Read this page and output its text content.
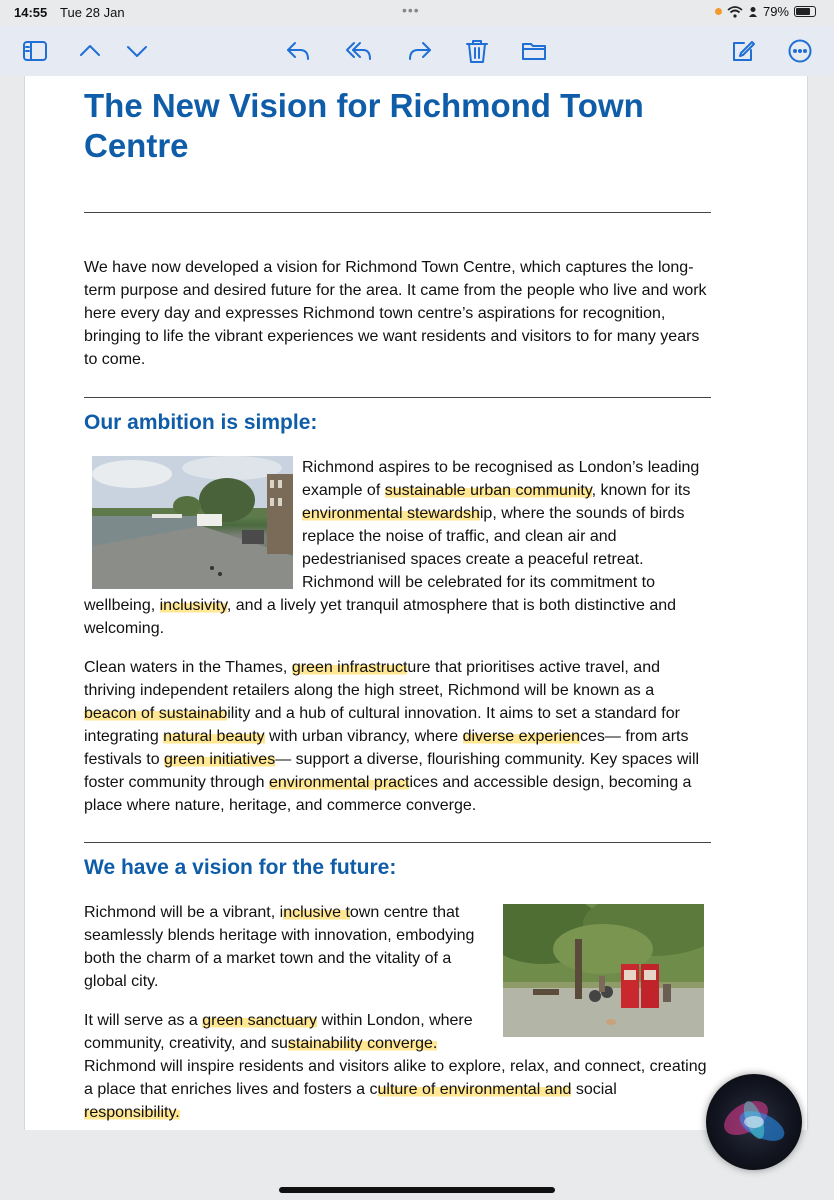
14:55 Tue 28 Jan	•••	79%
The New Vision for Richmond Town Centre

We have now developed a vision for Richmond Town Centre, which captures the long-term purpose and desired future for the area. It came from the people who live and work here every day and expresses Richmond town centre’s aspirations for recognition, bringing to life the vibrant experiences we want residents and visitors to for many years to come.

Our ambition is simple:

Richmond aspires to be recognised as London’s leading example of sustainable urban community, known for its environmental stewardship, where the sounds of birds replace the noise of traffic, and clean air and pedestrianised spaces create a peaceful retreat. Richmond will be celebrated for its commitment to wellbeing, inclusivity, and a lively yet tranquil atmosphere that is both distinctive and welcoming.

Clean waters in the Thames, green infrastructure that prioritises active travel, and thriving independent retailers along the high street, Richmond will be known as a beacon of sustainability and a hub of cultural innovation. It aims to set a standard for integrating natural beauty with urban vibrancy, where diverse experiences— from arts festivals to green initiatives— support a diverse, flourishing community. Key spaces will foster community through environmental practices and accessible design, becoming a place where nature, heritage, and commerce converge.

We have a vision for the future:

Richmond will be a vibrant, inclusive town centre that seamlessly blends heritage with innovation, embodying both the charm of a market town and the vitality of a global city.

It will serve as a green sanctuary within London, where community, creativity, and sustainability converge.
Richmond will inspire residents and visitors alike to explore, relax, and connect, creating a place that enriches lives and fosters a culture of environmental and social responsibility.
